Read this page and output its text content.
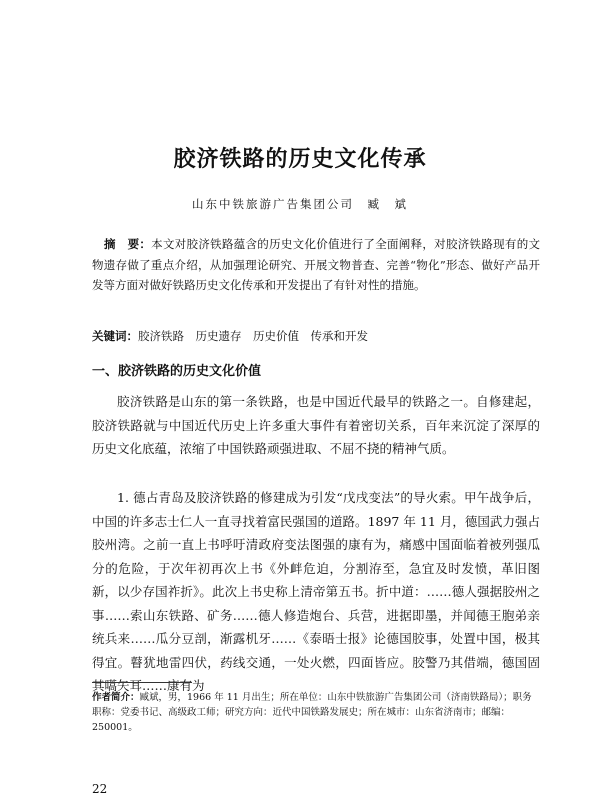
胶济铁路的历史文化传承
山东中铁旅游广告集团公司　臧　斌

摘　要：本文对胶济铁路蕴含的历史文化价值进行了全面阐释，对胶济铁路现有的文物遗存做了重点介绍，从加强理论研究、开展文物普查、完善“物化”形态、做好产品开发等方面对做好铁路历史文化传承和开发提出了有针对性的措施。

关键词：胶济铁路　历史遗存　历史价值　传承和开发

一、胶济铁路的历史文化价值

胶济铁路是山东的第一条铁路，也是中国近代最早的铁路之一。自修建起，胶济铁路就与中国近代历史上许多重大事件有着密切关系，百年来沉淀了深厚的历史文化底蕴，浓缩了中国铁路顽强进取、不屈不挠的精神气质。

1. 德占青岛及胶济铁路的修建成为引发“戊戌变法”的导火索。甲午战争后，中国的许多志士仁人一直寻找着富民强国的道路。1897 年 11 月，德国武力强占胶州湾。之前一直上书呼吁清政府变法图强的康有为，痛感中国面临着被列强瓜分的危险，于次年初再次上书《外衅危迫，分割洊至，急宜及时发愤，革旧图新，以少存国祚折》。此次上书史称上清帝第五书。折中道：……德人强据胶州之事……索山东铁路、矿务……德人修造炮台、兵营，进据即墨，并闻德王胞弟亲统兵来……瓜分豆剖，渐露机牙……《泰晤士报》论德国胶事，处置中国，极其得宜。瞽犹地雷四伏，药线交通，一处火燃，四面皆应。胶警乃其借端，德国固其嚆矢耳……康有为

作者简介：臧斌，男，1966 年 11 月出生；所在单位：山东中铁旅游广告集团公司（济南铁路局）；职务职称：党委书记、高级政工师；研究方向：近代中国铁路发展史；所在城市：山东省济南市；邮编：250001。

22
